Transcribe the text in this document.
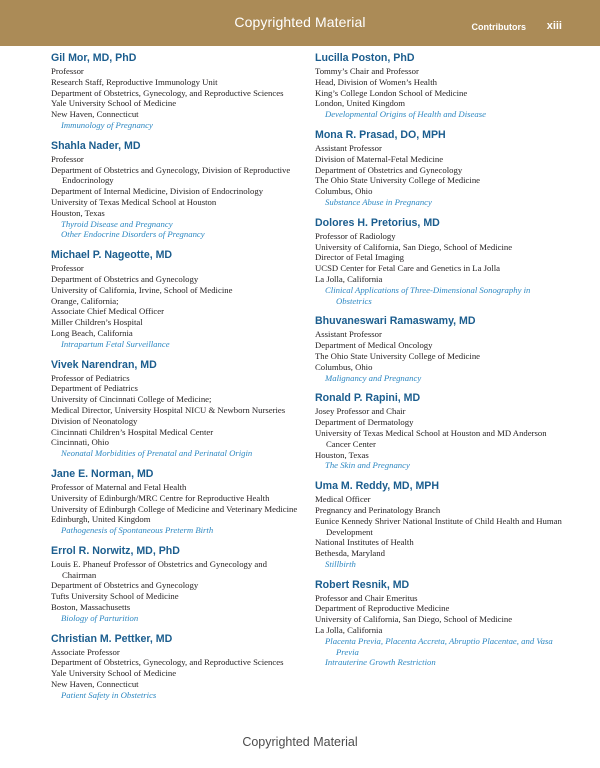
Copyrighted Material	Contributors xiii
Gil Mor, MD, PhD
Professor
Research Staff, Reproductive Immunology Unit
Department of Obstetrics, Gynecology, and Reproductive Sciences
Yale University School of Medicine
New Haven, Connecticut
Immunology of Pregnancy
Shahla Nader, MD
Professor
Department of Obstetrics and Gynecology, Division of Reproductive Endocrinology
Department of Internal Medicine, Division of Endocrinology
University of Texas Medical School at Houston
Houston, Texas
Thyroid Disease and Pregnancy
Other Endocrine Disorders of Pregnancy
Michael P. Nageotte, MD
Professor
Department of Obstetrics and Gynecology
University of California, Irvine, School of Medicine
Orange, California;
Associate Chief Medical Officer
Miller Children’s Hospital
Long Beach, California
Intrapartum Fetal Surveillance
Vivek Narendran, MD
Professor of Pediatrics
Department of Pediatrics
University of Cincinnati College of Medicine;
Medical Director, University Hospital NICU & Newborn Nurseries
Division of Neonatology
Cincinnati Children’s Hospital Medical Center
Cincinnati, Ohio
Neonatal Morbidities of Prenatal and Perinatal Origin
Jane E. Norman, MD
Professor of Maternal and Fetal Health
University of Edinburgh/MRC Centre for Reproductive Health
University of Edinburgh College of Medicine and Veterinary Medicine
Edinburgh, United Kingdom
Pathogenesis of Spontaneous Preterm Birth
Errol R. Norwitz, MD, PhD
Louis E. Phaneuf Professor of Obstetrics and Gynecology and Chairman
Department of Obstetrics and Gynecology
Tufts University School of Medicine
Boston, Massachusetts
Biology of Parturition
Christian M. Pettker, MD
Associate Professor
Department of Obstetrics, Gynecology, and Reproductive Sciences
Yale University School of Medicine
New Haven, Connecticut
Patient Safety in Obstetrics
Lucilla Poston, PhD
Tommy’s Chair and Professor
Head, Division of Women’s Health
King’s College London School of Medicine
London, United Kingdom
Developmental Origins of Health and Disease
Mona R. Prasad, DO, MPH
Assistant Professor
Division of Maternal-Fetal Medicine
Department of Obstetrics and Gynecology
The Ohio State University College of Medicine
Columbus, Ohio
Substance Abuse in Pregnancy
Dolores H. Pretorius, MD
Professor of Radiology
University of California, San Diego, School of Medicine
Director of Fetal Imaging
UCSD Center for Fetal Care and Genetics in La Jolla
La Jolla, California
Clinical Applications of Three-Dimensional Sonography in Obstetrics
Bhuvaneswari Ramaswamy, MD
Assistant Professor
Department of Medical Oncology
The Ohio State University College of Medicine
Columbus, Ohio
Malignancy and Pregnancy
Ronald P. Rapini, MD
Josey Professor and Chair
Department of Dermatology
University of Texas Medical School at Houston and MD Anderson Cancer Center
Houston, Texas
The Skin and Pregnancy
Uma M. Reddy, MD, MPH
Medical Officer
Pregnancy and Perinatology Branch
Eunice Kennedy Shriver National Institute of Child Health and Human Development
National Institutes of Health
Bethesda, Maryland
Stillbirth
Robert Resnik, MD
Professor and Chair Emeritus
Department of Reproductive Medicine
University of California, San Diego, School of Medicine
La Jolla, California
Placenta Previa, Placenta Accreta, Abruptio Placentae, and Vasa Previa
Intrauterine Growth Restriction
Copyrighted Material
